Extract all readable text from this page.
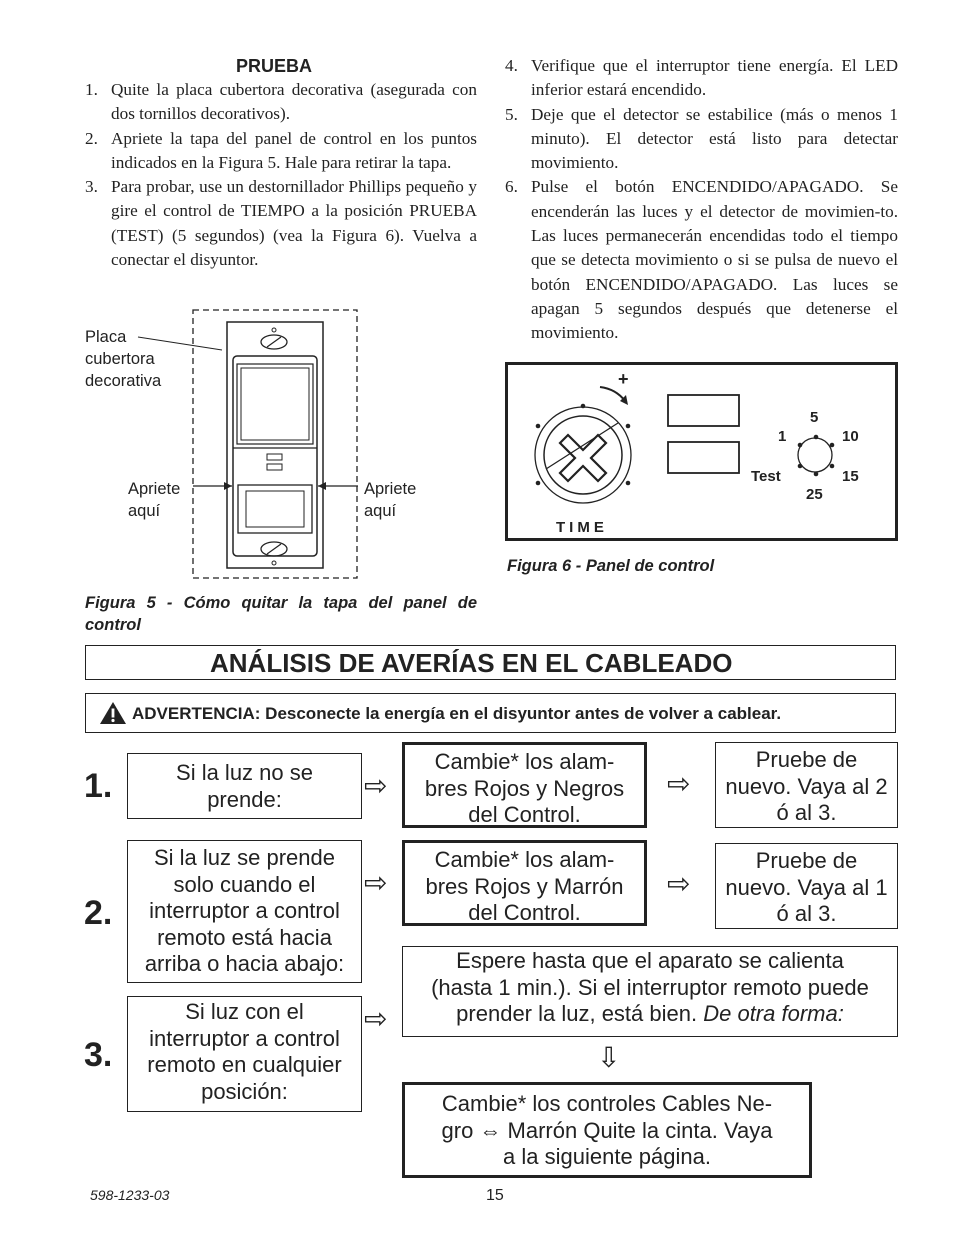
PRUEBA
1. Quite la placa cubertora decorativa (asegurada con dos tornillos decorativos).
2. Apriete la tapa del panel de control en los puntos indicados en la Figura 5. Hale para retirar la tapa.
3. Para probar, use un destornillador Phillips pequeño y gire el control de TIEMPO a la posición PRUEBA (TEST) (5 segundos) (vea la Figura 6). Vuelva a conectar el disyuntor.
4. Verifique que el interruptor tiene energía. El LED inferior estará encendido.
5. Deje que el detector se estabilice (más o menos 1 minuto). El detector está listo para detectar movimiento.
6. Pulse el botón ENCENDIDO/APAGADO. Se encenderán las luces y el detector de movimien-to. Las luces permanecerán encendidas todo el tiempo que se detecta movimiento o si se pulsa de nuevo el botón ENCENDIDO/APAGADO. Las luces se apagan 5 segundos después que detenerse el movimiento.
Placa
cubertora
decorativa
Apriete
aquí
Apriete
aquí
Figura 5 - Cómo quitar la tapa del panel de
control
+
TIME
5
1	10
Test	15
25
Figura 6 - Panel de control
ANÁLISIS DE AVERÍAS EN EL CABLEADO
ADVERTENCIA: Desconecte la energía en el disyuntor antes de volver a cablear.
1.
2.
3.
Si la luz no se
prende:	⇨
Cambie* los alam-
bres Rojos y Negros
del Control.
⇨
Pruebe de
nuevo. Vaya al 2
ó al 3.
Si la luz se prende
solo cuando el
interruptor a control
remoto está hacia
arriba o hacia abajo:
⇨
Cambie* los alam-
bres Rojos y Marrón
del Control.
⇨
Pruebe de
nuevo. Vaya al 1
ó al 3.
Si luz con el
interruptor a control
remoto en cualquier
posición:
⇨
Espere hasta que el aparato se calienta
(hasta 1 min.). Si el interruptor remoto puede
prender la luz, está bien. De otra forma:
⇩
Cambie* los controles Cables Ne-
gro ⇔ Marrón Quite la cinta. Vaya
a la siguiente página.
598-1233-03	15
